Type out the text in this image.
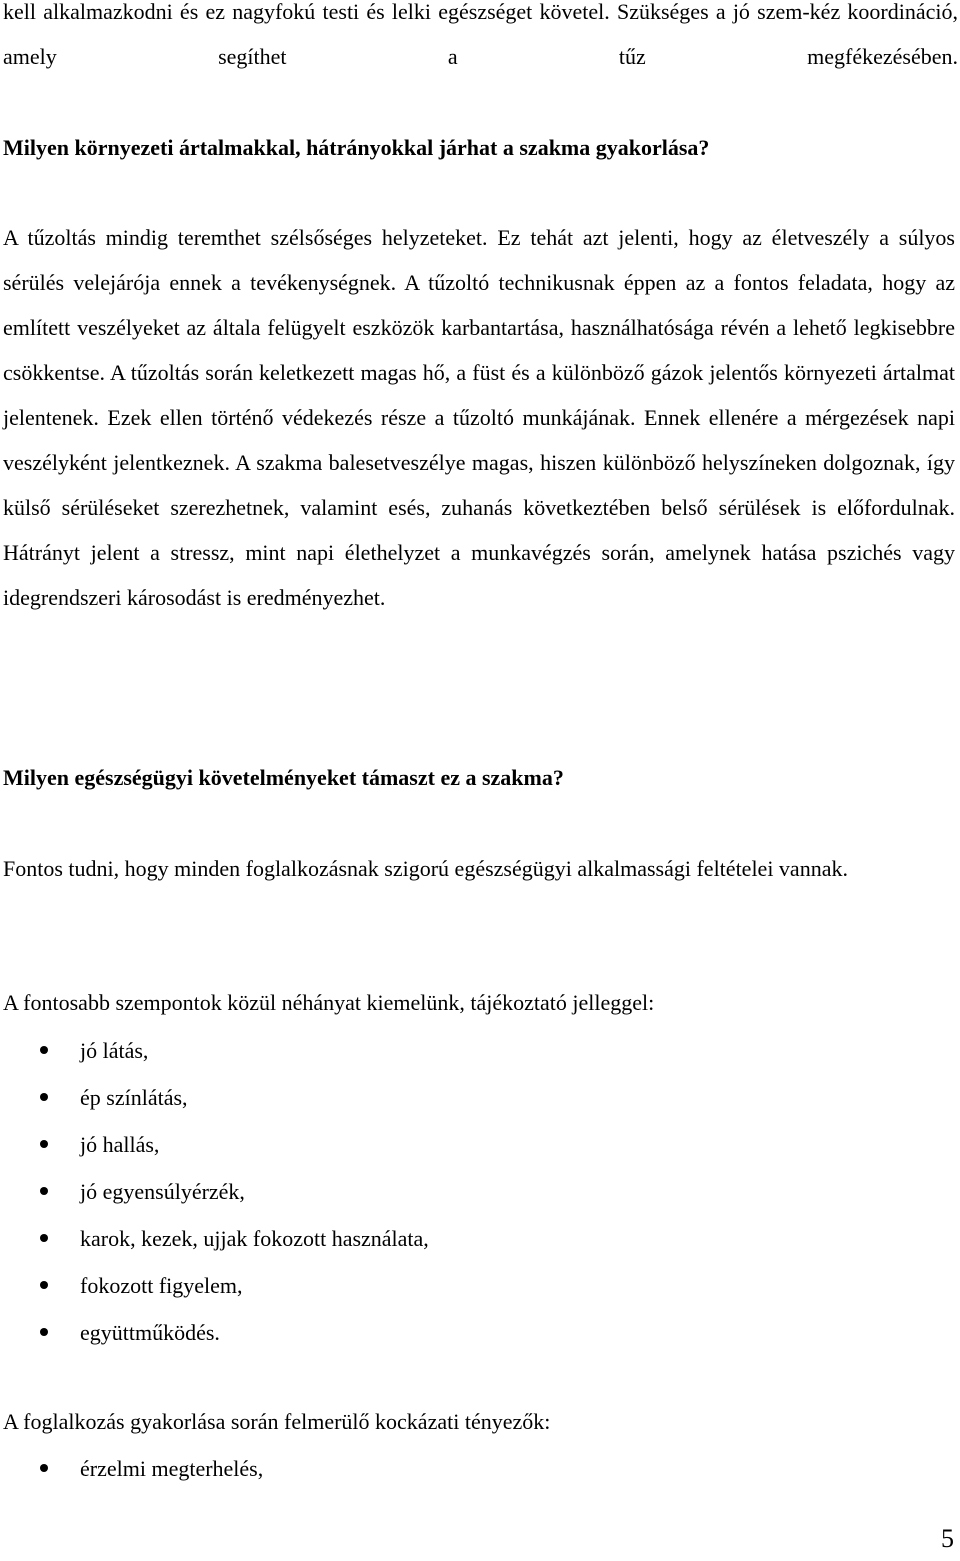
kell alkalmazkodni és ez nagyfokú testi és lelki egészséget követel. Szükséges a jó szem-kéz koordináció, amely segíthet a tűz megfékezésében.

Milyen környezeti ártalmakkal, hátrányokkal járhat a szakma gyakorlása?

A tűzoltás mindig teremthet szélsőséges helyzeteket. Ez tehát azt jelenti, hogy az életveszély a súlyos sérülés velejárója ennek a tevékenységnek. A tűzoltó technikusnak éppen az a fontos feladata, hogy az említett veszélyeket az általa felügyelt eszközök karbantartása, használhatósága révén a lehető legkisebbre csökkentse. A tűzoltás során keletkezett magas hő, a füst és a különböző gázok jelentős környezeti ártalmat jelentenek. Ezek ellen történő védekezés része a tűzoltó munkájának. Ennek ellenére a mérgezések napi veszélyként jelentkeznek. A szakma balesetveszélye magas, hiszen különböző helyszíneken dolgoznak, így külső sérüléseket szerezhetnek, valamint esés, zuhanás következtében belső sérülések is előfordulnak. Hátrányt jelent a stressz, mint napi élethelyzet a munkavégzés során, amelynek hatása pszichés vagy idegrendszeri károsodást is eredményezhet.

Milyen egészségügyi követelményeket támaszt ez a szakma?

Fontos tudni, hogy minden foglalkozásnak szigorú egészségügyi alkalmassági feltételei vannak.

A fontosabb szempontok közül néhányat kiemelünk, tájékoztató jelleggel:

jó látás,
ép színlátás,
jó hallás,
jó egyensúlyérzék,
karok, kezek, ujjak fokozott használata,
fokozott figyelem,
együttműködés.

A foglalkozás gyakorlása során felmerülő kockázati tényezők:

érzelmi megterhelés,
5
